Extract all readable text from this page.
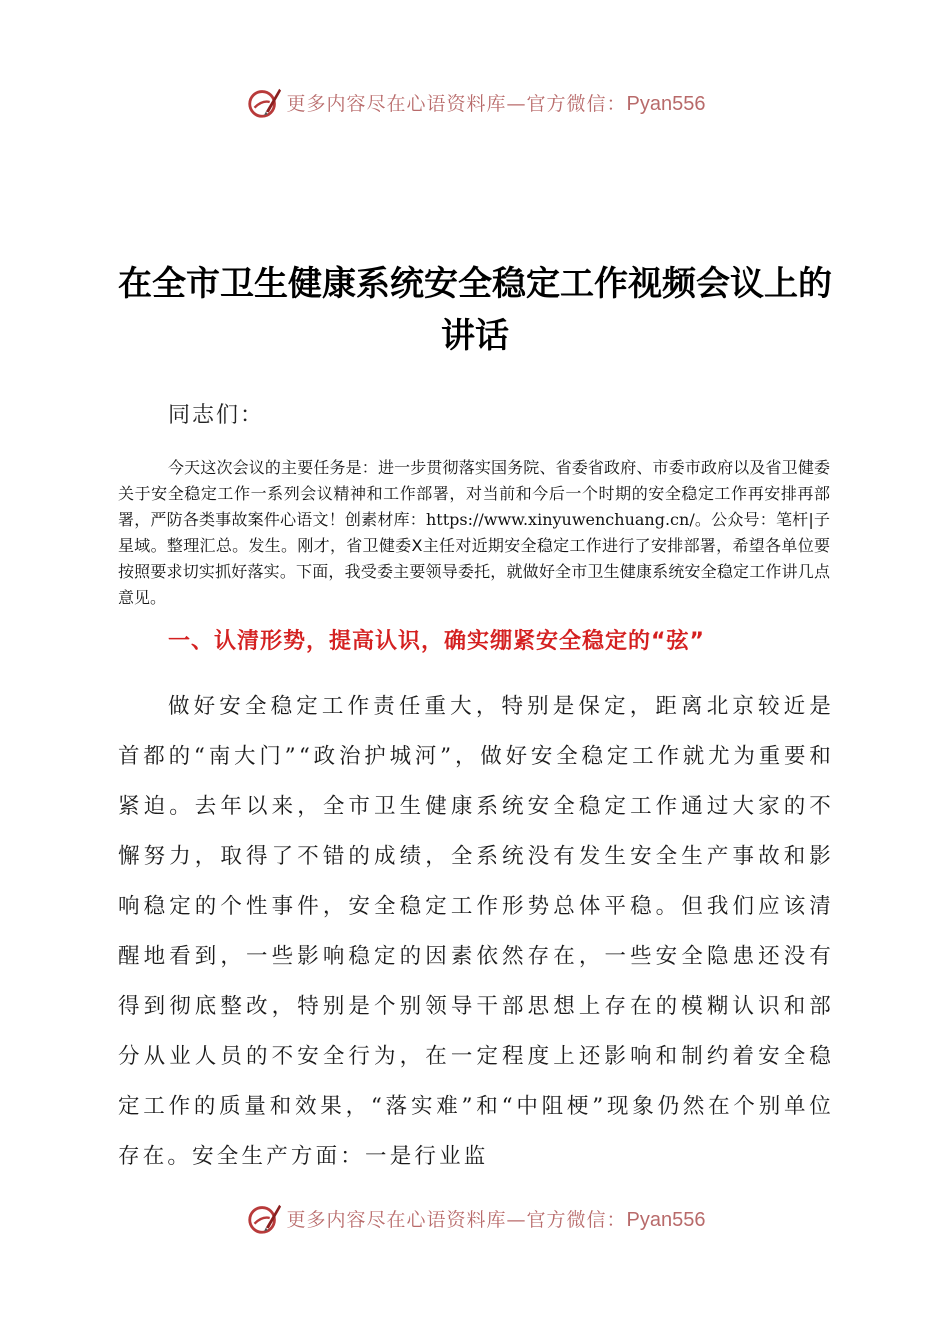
更多内容尽在心语资料库—官方微信：Pyan556
在全市卫生健康系统安全稳定工作视频会议上的讲话

同志们：

今天这次会议的主要任务是：进一步贯彻落实国务院、省委省政府、市委市政府以及省卫健委关于安全稳定工作一系列会议精神和工作部署，对当前和今后一个时期的安全稳定工作再安排再部署，严防各类事故案件心语文！创素材库：https://www.xinyuwenchuang.cn/。公众号：笔杆|子星域。整理汇总。发生。刚才，省卫健委X主任对近期安全稳定工作进行了安排部署，希望各单位要按照要求切实抓好落实。下面，我受委主要领导委托，就做好全市卫生健康系统安全稳定工作讲几点意见。

一、认清形势，提高认识，确实绷紧安全稳定的“弦”

做好安全稳定工作责任重大，特别是保定，距离北京较近是首都的“南大门”“政治护城河”，做好安全稳定工作就尤为重要和紧迫。去年以来，全市卫生健康系统安全稳定工作通过大家的不懈努力，取得了不错的成绩，全系统没有发生安全生产事故和影响稳定的个性事件，安全稳定工作形势总体平稳。但我们应该清醒地看到，一些影响稳定的因素依然存在，一些安全隐患还没有得到彻底整改，特别是个别领导干部思想上存在的模糊认识和部分从业人员的不安全行为，在一定程度上还影响和制约着安全稳定工作的质量和效果，“落实难”和“中阻梗”现象仍然在个别单位存在。安全生产方面：一是行业监

更多内容尽在心语资料库—官方微信：Pyan556
